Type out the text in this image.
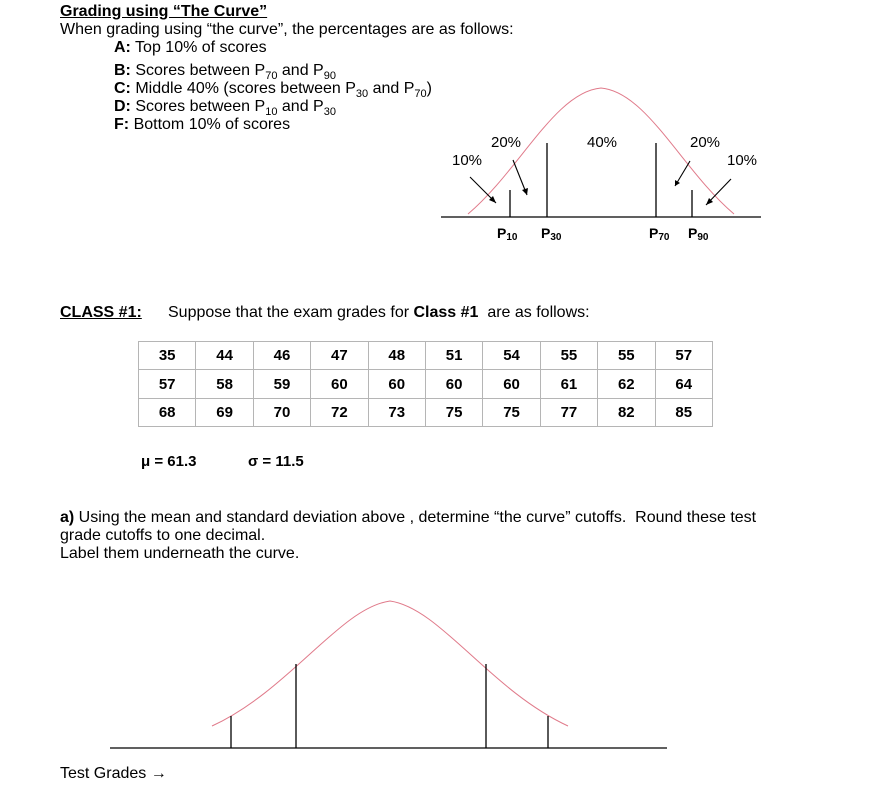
Grading using “The Curve”
When grading using “the curve”, the percentages are as follows:
A: Top 10% of scores
B: Scores between $P_{70}$ and $P_{90}$
C: Middle 40% (scores between $P_{30}$ and $P_{70}$)
D: Scores between $P_{10}$ and $P_{30}$
F: Bottom 10% of scores
10%
20%	40%	20%
10%
P10 P30	P70 P90
CLASS #1: Suppose that the exam grades for Class #1  are as follows:
35	44	46	47	48	51	54	55	55	57
57	58	59	60	60	60	60	61	62	64
68	69	70	72	73	75	75	77	82	85
μ = 61.3	σ = 11.5
a) Using the mean and standard deviation above , determine “the curve” cutoffs.  Round these test
grade cutoffs to one decimal.
Label them underneath the curve.
Test Grades →
